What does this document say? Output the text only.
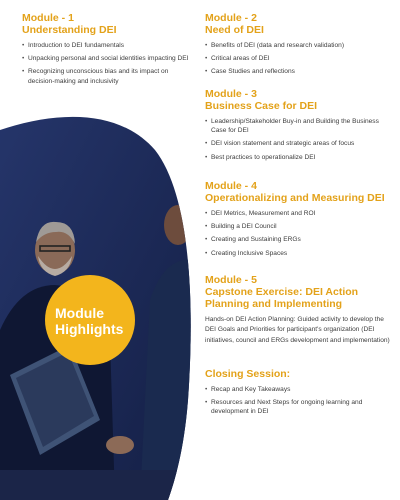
Module
Highlights
Module - 1
Understanding DEI
• Introduction to DEI fundamentals
• Unpacking personal and social identities impacting DEI
• Recognizing unconscious bias and its impact on decision-making and inclusivity
Module - 2
Need of DEI
• Benefits of DEI (data and research validation)
• Critical areas of DEI
• Case Studies and reflections
Module - 3
Business Case for DEI
• Leadership/Stakeholder Buy-in and Building the Business Case for DEI
• DEI vision statement and strategic areas of focus
• Best practices to operationalize DEI
Module - 4
Operationalizing and Measuring DEI
• DEI Metrics, Measurement and ROI
• Building a DEI Council
• Creating and Sustaining ERGs
• Creating Inclusive Spaces
Module - 5
Capstone Exercise: DEI Action
Planning and Implementing

Hands-on DEI Action Planning: Guided activity to develop the DEI Goals and Priorities for participant's organization (DEI initiatives, council and ERGs development and implementation)

Closing Session:
• Recap and Key Takeaways
• Resources and Next Steps for ongoing learning and development in DEI
